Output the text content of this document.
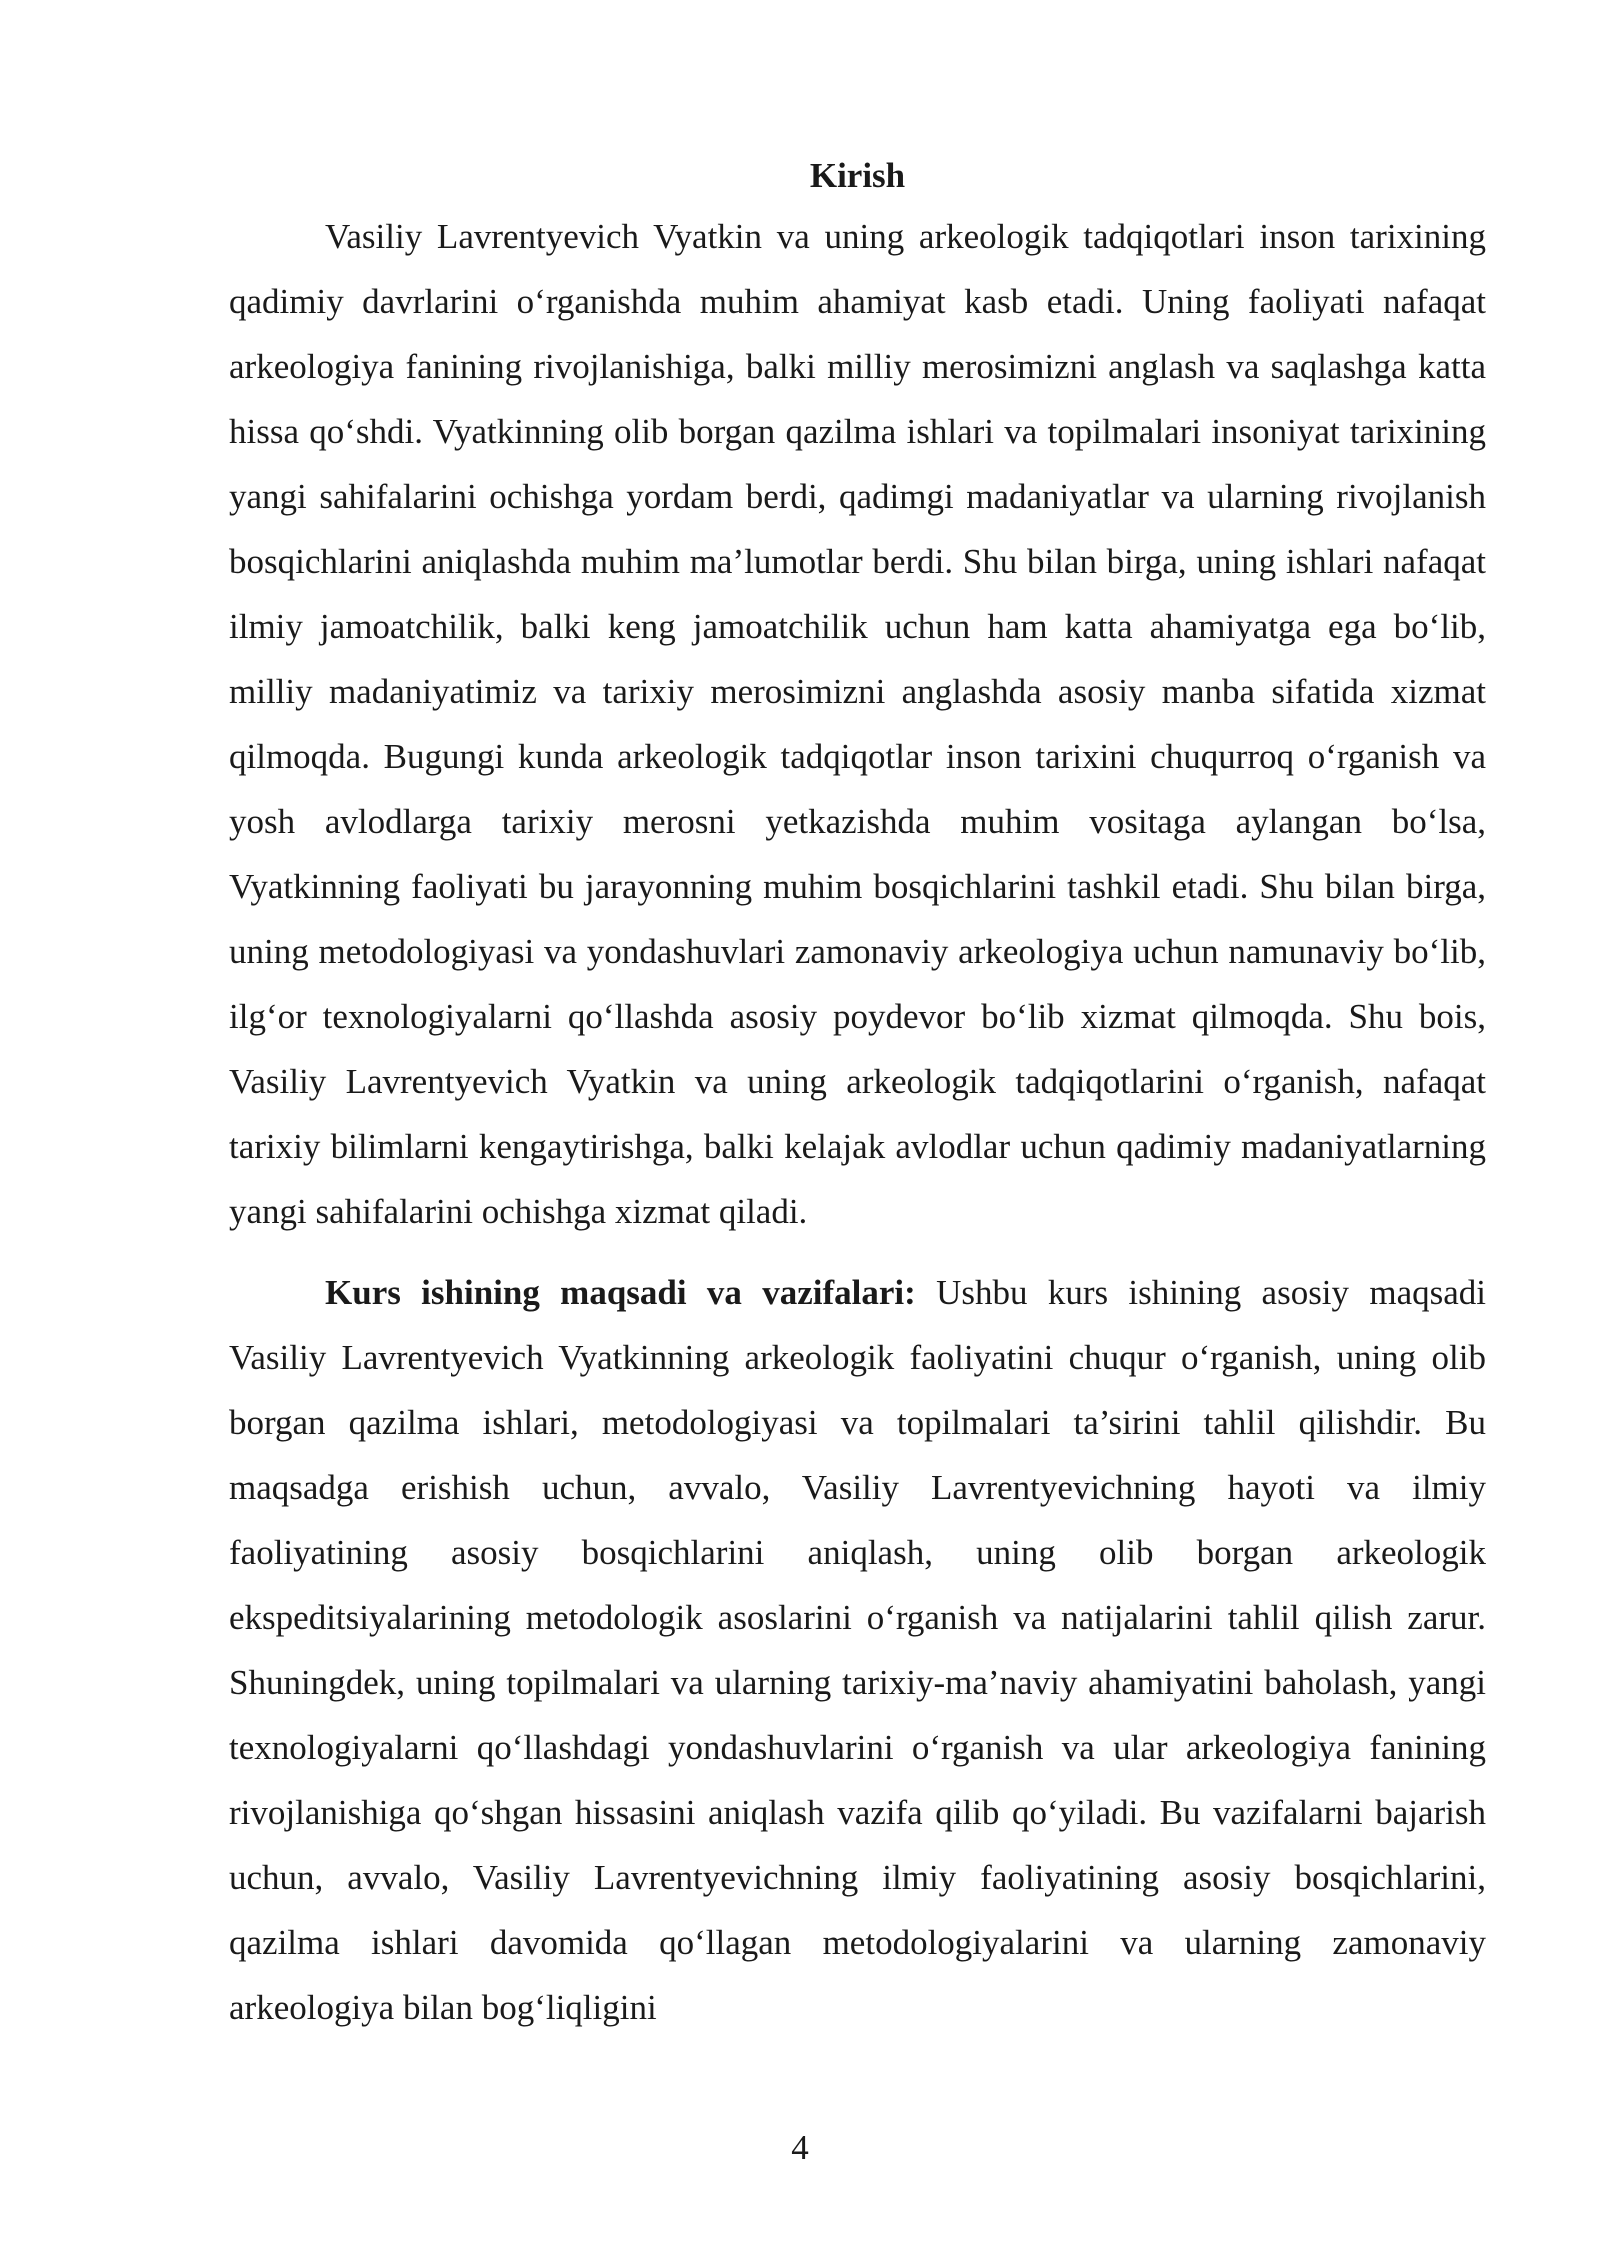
Kirish

Vasiliy Lavrentyevich Vyatkin va uning arkeologik tadqiqotlari inson tarixining qadimiy davrlarini o‘rganishda muhim ahamiyat kasb etadi. Uning faoliyati nafaqat arkeologiya fanining rivojlanishiga, balki milliy merosimizni anglash va saqlashga katta hissa qo‘shdi. Vyatkinning olib borgan qazilma ishlari va topilmalari insoniyat tarixining yangi sahifalarini ochishga yordam berdi, qadimgi madaniyatlar va ularning rivojlanish bosqichlarini aniqlashda muhim ma’lumotlar berdi. Shu bilan birga, uning ishlari nafaqat ilmiy jamoatchilik, balki keng jamoatchilik uchun ham katta ahamiyatga ega bo‘lib, milliy madaniyatimiz va tarixiy merosimizni anglashda asosiy manba sifatida xizmat qilmoqda. Bugungi kunda arkeologik tadqiqotlar inson tarixini chuqurroq o‘rganish va yosh avlodlarga tarixiy merosni yetkazishda muhim vositaga aylangan bo‘lsa, Vyatkinning faoliyati bu jarayonning muhim bosqichlarini tashkil etadi. Shu bilan birga, uning metodologiyasi va yondashuvlari zamonaviy arkeologiya uchun namunaviy bo‘lib, ilg‘or texnologiyalarni qo‘llashda asosiy poydevor bo‘lib xizmat qilmoqda. Shu bois, Vasiliy Lavrentyevich Vyatkin va uning arkeologik tadqiqotlarini o‘rganish, nafaqat tarixiy bilimlarni kengaytirishga, balki kelajak avlodlar uchun qadimiy madaniyatlarning yangi sahifalarini ochishga xizmat qiladi.

Kurs ishining maqsadi va vazifalari: Ushbu kurs ishining asosiy maqsadi Vasiliy Lavrentyevich Vyatkinning arkeologik faoliyatini chuqur o‘rganish, uning olib borgan qazilma ishlari, metodologiyasi va topilmalari ta’sirini tahlil qilishdir. Bu maqsadga erishish uchun, avvalo, Vasiliy Lavrentyevichning hayoti va ilmiy faoliyatining asosiy bosqichlarini aniqlash, uning olib borgan arkeologik ekspeditsiyalarining metodologik asoslarini o‘rganish va natijalarini tahlil qilish zarur. Shuningdek, uning topilmalari va ularning tarixiy-ma’naviy ahamiyatini baholash, yangi texnologiyalarni qo‘llashdagi yondashuvlarini o‘rganish va ular arkeologiya fanining rivojlanishiga qo‘shgan hissasini aniqlash vazifa qilib qo‘yiladi. Bu vazifalarni bajarish uchun, avvalo, Vasiliy Lavrentyevichning ilmiy faoliyatining asosiy bosqichlarini, qazilma ishlari davomida qo‘llagan metodologiyalarini va ularning zamonaviy arkeologiya bilan bog‘liqligini

4
